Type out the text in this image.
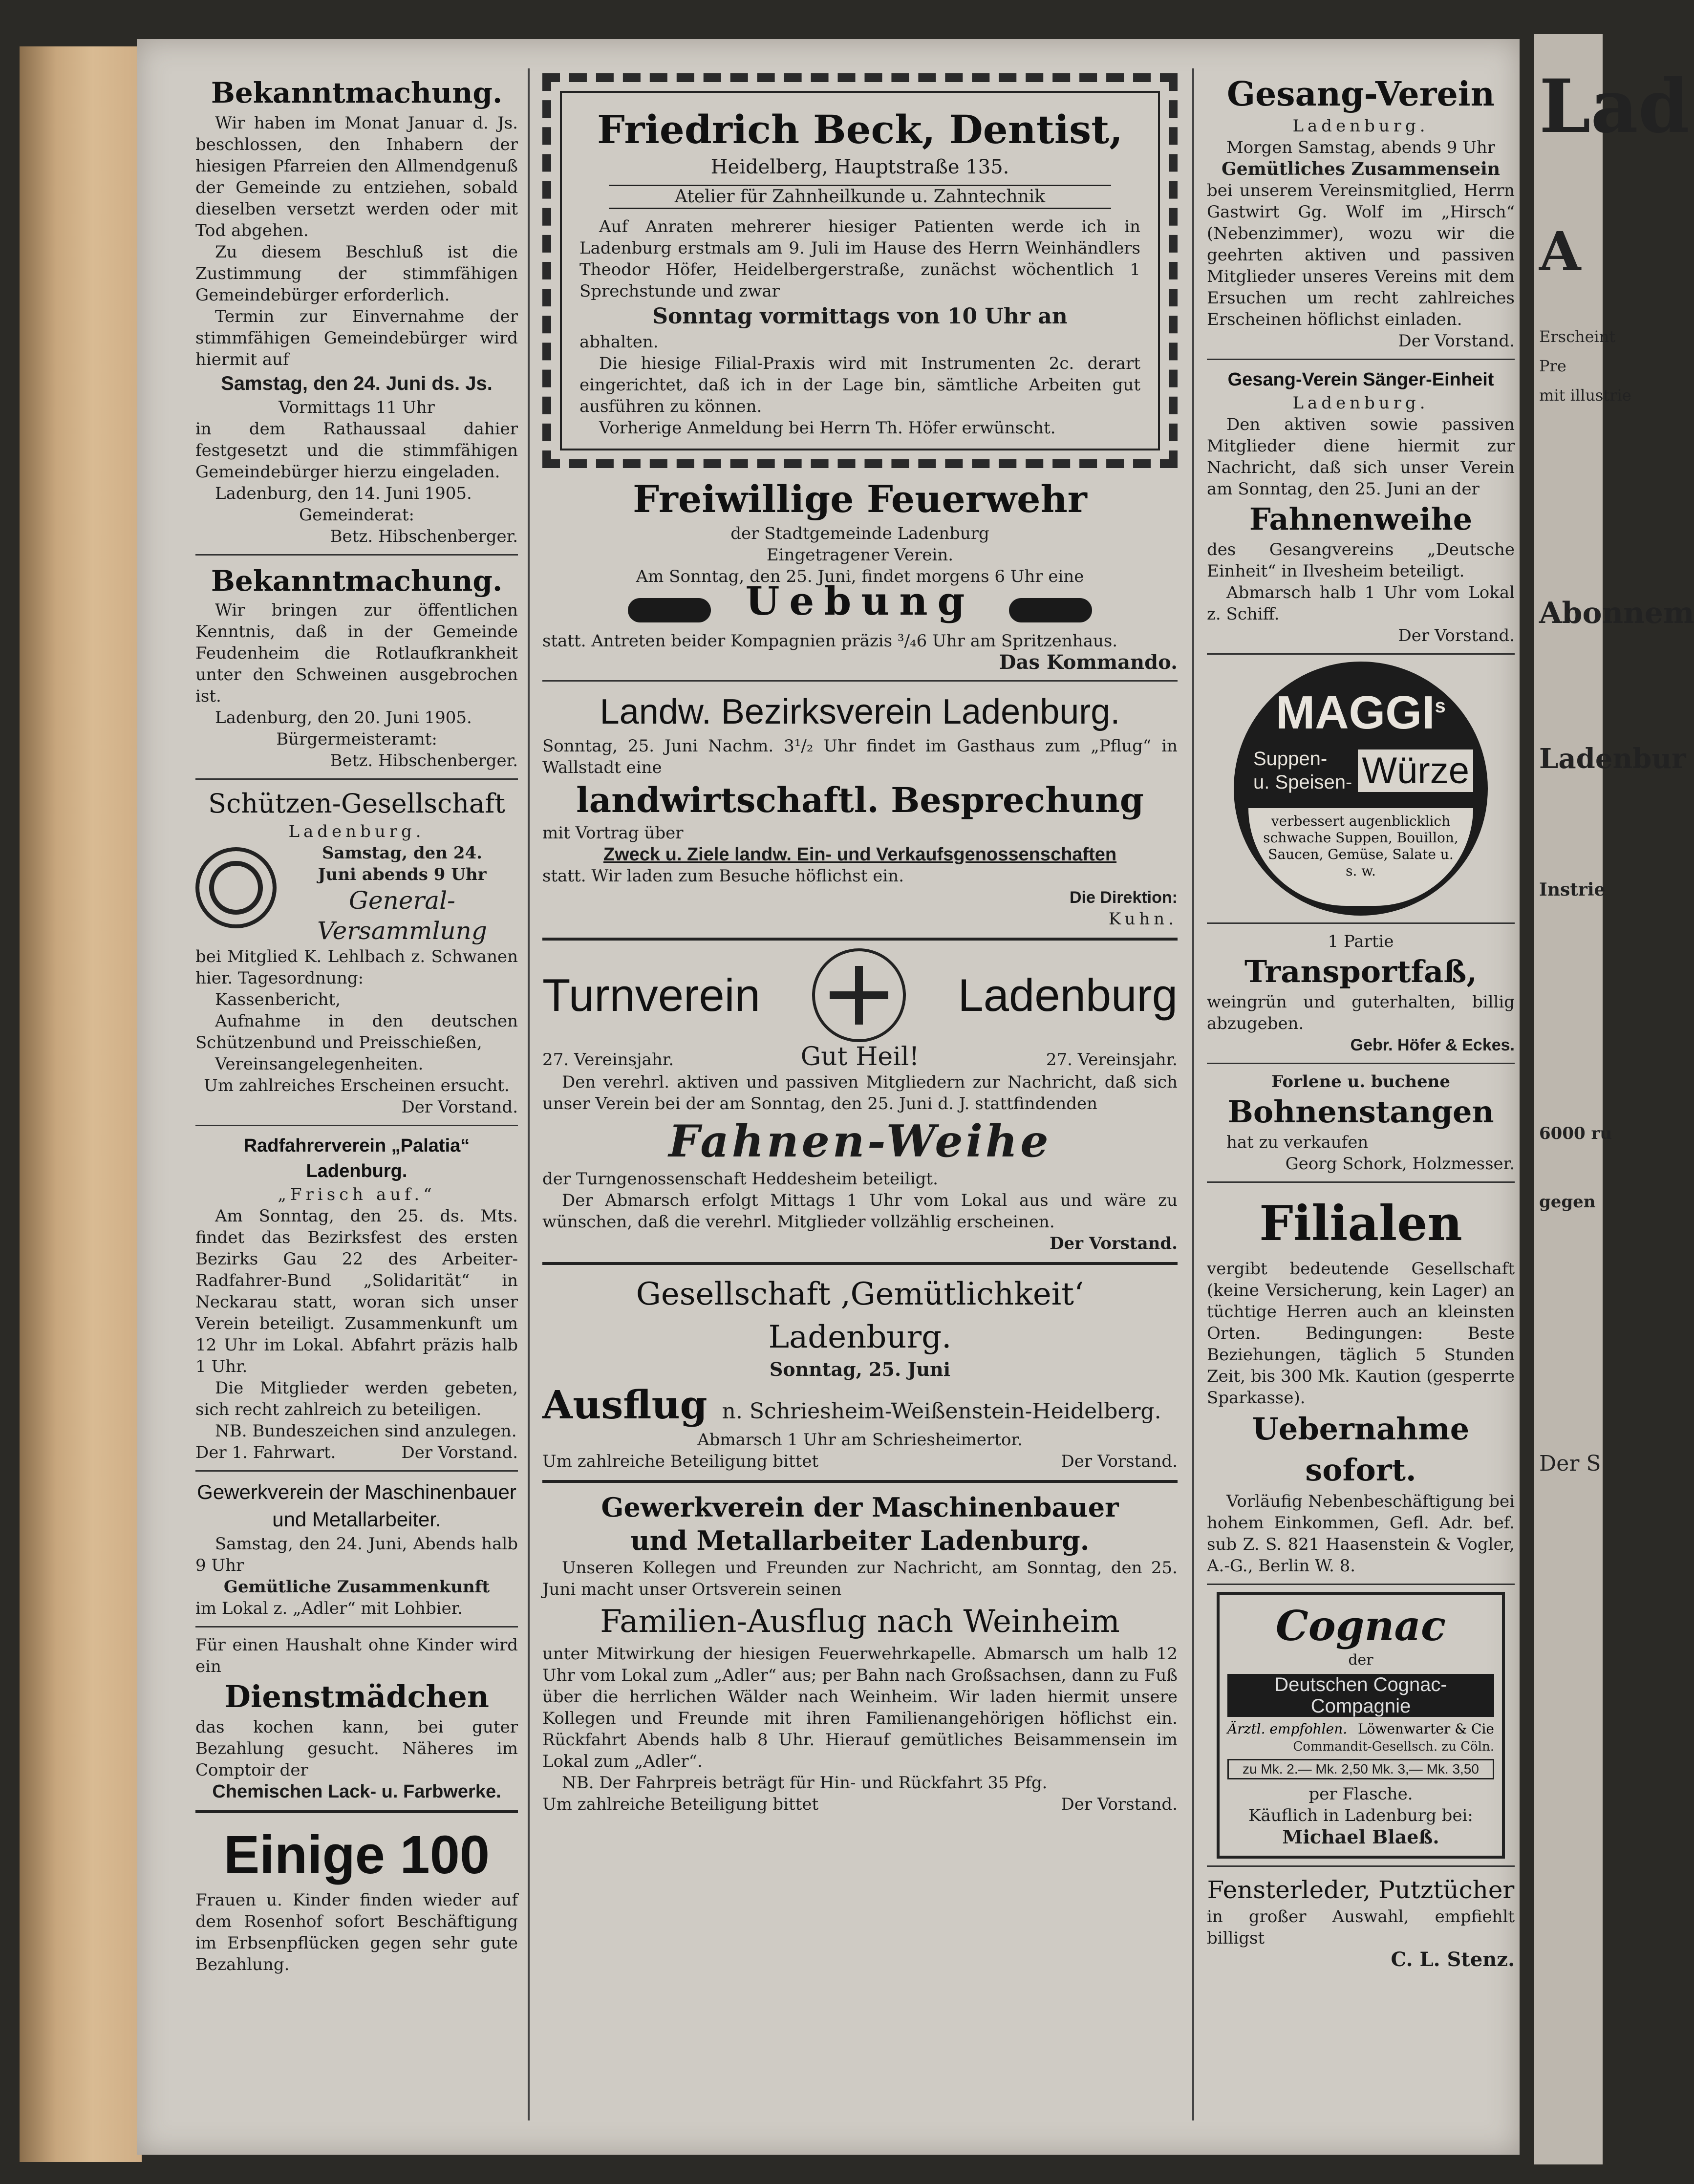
Lad
A
Erscheint
Pre
mit illustrie
Abonnem
Ladenbur
Instrie
6000 ru
gegen
Der S
Bekanntmachung.
Wir haben im Monat Januar d. Js. beschlossen, den Inhabern der hiesigen Pfarreien den Allmendgenuß der Gemeinde zu entziehen, sobald dieselben versetzt werden oder mit Tod abgehen.
Zu diesem Beschluß ist die Zustimmung der stimmfähigen Gemeindebürger erforderlich.
Termin zur Einvernahme der stimmfähigen Gemeindebürger wird hiermit auf
Samstag, den 24. Juni ds. Js.
Vormittags 11 Uhr
in dem Rathaussaal dahier festgesetzt und die stimmfähigen Gemeindebürger hierzu eingeladen.
Ladenburg, den 14. Juni 1905.
Gemeinderat:
Betz. Hibschenberger.
Bekanntmachung.
Wir bringen zur öffentlichen Kenntnis, daß in der Gemeinde Feudenheim die Rotlaufkrankheit unter den Schweinen ausgebrochen ist.
Ladenburg, den 20. Juni 1905.
Bürgermeisteramt:
Betz. Hibschenberger.
Schützen-Gesellschaft
Ladenburg.
Samstag, den 24.
Juni abends 9 Uhr
General-
Versammlung
bei Mitglied K. Lehlbach z. Schwanen hier. Tagesordnung:
Kassenbericht,
Aufnahme in den deutschen Schützenbund und Preisschießen,
Vereinsangelegenheiten.
Um zahlreiches Erscheinen ersucht.
Der Vorstand.
Radfahrerverein „Palatia“ Ladenburg.
„Frisch auf.“
Am Sonntag, den 25. ds. Mts. findet das Bezirksfest des ersten Bezirks Gau 22 des Arbeiter-Radfahrer-Bund „Solidarität“ in Neckarau statt, woran sich unser Verein beteiligt. Zusammenkunft um 12 Uhr im Lokal. Abfahrt präzis halb 1 Uhr.
Die Mitglieder werden gebeten, sich recht zahlreich zu beteiligen.
NB. Bundeszeichen sind anzulegen.
Der 1. Fahrwart.	Der Vorstand.
Gewerkverein der Maschinenbauer
und Metallarbeiter.
Samstag, den 24. Juni, Abends halb 9 Uhr
Gemütliche Zusammenkunft
im Lokal z. „Adler“ mit Lohbier.
Für einen Haushalt ohne Kinder wird ein
Dienstmädchen
das kochen kann, bei guter Bezahlung gesucht. Näheres im Comptoir der
Chemischen Lack- u. Farbwerke.
Einige 100
Frauen u. Kinder finden wieder auf dem Rosenhof sofort Beschäftigung im Erbsenpflücken gegen sehr gute Bezahlung.
Friedrich Beck, Dentist,
Heidelberg, Hauptstraße 135.
Atelier für Zahnheilkunde u. Zahntechnik
Auf Anraten mehrerer hiesiger Patienten werde ich in Ladenburg erstmals am 9. Juli im Hause des Herrn Weinhändlers Theodor Höfer, Heidelbergerstraße, zunächst wöchentlich 1 Sprechstunde und zwar
Sonntag vormittags von 10 Uhr an
abhalten.
Die hiesige Filial-Praxis wird mit Instrumenten 2c. derart eingerichtet, daß ich in der Lage bin, sämtliche Arbeiten gut ausführen zu können.
Vorherige Anmeldung bei Herrn Th. Höfer erwünscht.
Freiwillige Feuerwehr
der Stadtgemeinde Ladenburg
Eingetragener Verein.
Am Sonntag, den 25. Juni, findet morgens 6 Uhr eine
Uebung
statt. Antreten beider Kompagnien präzis ³/₄6 Uhr am Spritzenhaus.
Das Kommando.
Landw. Bezirksverein Ladenburg.
Sonntag, 25. Juni Nachm. 3¹/₂ Uhr findet im Gasthaus zum „Pflug“ in Wallstadt eine
landwirtschaftl. Besprechung
mit Vortrag über
Zweck u. Ziele landw. Ein- und Verkaufsgenossenschaften
statt. Wir laden zum Besuche höflichst ein.
Die Direktion:
Kuhn.
Turnverein	Ladenburg
27. Vereinsjahr.	Gut Heil!	27. Vereinsjahr.
Den verehrl. aktiven und passiven Mitgliedern zur Nachricht, daß sich unser Verein bei der am Sonntag, den 25. Juni d. J. stattfindenden
Fahnen-Weihe
der Turngenossenschaft Heddesheim beteiligt.
Der Abmarsch erfolgt Mittags 1 Uhr vom Lokal aus und wäre zu wünschen, daß die verehrl. Mitglieder vollzählig erscheinen.
Der Vorstand.
Gesellschaft ‚Gemütlichkeit‘ Ladenburg.
Sonntag, 25. Juni
Ausflug n. Schriesheim-Weißenstein-Heidelberg.
Abmarsch 1 Uhr am Schriesheimertor.
Um zahlreiche Beteiligung bittet	Der Vorstand.
Gewerkverein der Maschinenbauer
und Metallarbeiter Ladenburg.
Unseren Kollegen und Freunden zur Nachricht, am Sonntag, den 25. Juni macht unser Ortsverein seinen
Familien-Ausflug nach Weinheim
unter Mitwirkung der hiesigen Feuerwehrkapelle. Abmarsch um halb 12 Uhr vom Lokal zum „Adler“ aus; per Bahn nach Großsachsen, dann zu Fuß über die herrlichen Wälder nach Weinheim. Wir laden hiermit unsere Kollegen und Freunde mit ihren Familienangehörigen höflichst ein. Rückfahrt Abends halb 8 Uhr. Hierauf gemütliches Beisammensein im Lokal zum „Adler“.
NB. Der Fahrpreis beträgt für Hin- und Rückfahrt 35 Pfg.
Um zahlreiche Beteiligung bittet	Der Vorstand.
Gesang-Verein
Ladenburg.
Morgen Samstag, abends 9 Uhr
Gemütliches Zusammensein
bei unserem Vereinsmitglied, Herrn Gastwirt Gg. Wolf im „Hirsch“ (Nebenzimmer), wozu wir die geehrten aktiven und passiven Mitglieder unseres Vereins mit dem Ersuchen um recht zahlreiches Erscheinen höflichst einladen.
Der Vorstand.
Gesang-Verein Sänger-Einheit
Ladenburg.
Den aktiven sowie passiven Mitglieder diene hiermit zur Nachricht, daß sich unser Verein am Sonntag, den 25. Juni an der
Fahnenweihe
des Gesangvereins „Deutsche Einheit“ in Ilvesheim beteiligt.
Abmarsch halb 1 Uhr vom Lokal z. Schiff.
Der Vorstand.
MAGGI$^s$
Suppen-
u. Speisen- Würze
verbessert augenblicklich schwache Suppen, Bouillon, Saucen, Gemüse, Salate u. s. w.
1 Partie
Transportfaß,
weingrün und guterhalten, billig abzugeben.
Gebr. Höfer & Eckes.
Forlene u. buchene
Bohnenstangen
hat zu verkaufen
Georg Schork, Holzmesser.
Filialen
vergibt bedeutende Gesellschaft (keine Versicherung, kein Lager) an tüchtige Herren auch an kleinsten Orten. Bedingungen: Beste Beziehungen, täglich 5 Stunden Zeit, bis 300 Mk. Kaution (gesperrte Sparkasse).
Uebernahme sofort.
Vorläufig Nebenbeschäftigung bei hohem Einkommen, Gefl. Adr. bef. sub Z. S. 821 Haasenstein & Vogler, A.-G., Berlin W. 8.
Cognac
der
Deutschen Cognac-Compagnie
Ärztl. empfohlen. Löwenwarter & Cie
Commandit-Gesellsch. zu Cöln.
zu Mk. 2.— Mk. 2,50 Mk. 3,— Mk. 3,50
per Flasche.
Käuflich in Ladenburg bei:
Michael Blaeß.
Fensterleder, Putztücher
in großer Auswahl, empfiehlt billigst
C. L. Stenz.
